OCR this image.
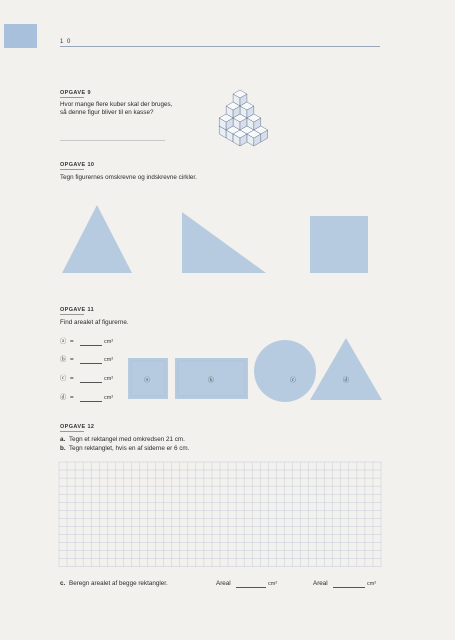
1 0
OPGAVE 9
Hvor mange flere kuber skal der bruges,
så denne figur bliver til en kasse?
OPGAVE 10
Tegn figurernes omskrevne og indskrevne cirkler.
OPGAVE 11
Find arealet af figurerne.
ⓐ =	cm²
ⓑ =	cm²
ⓒ =	cm²
ⓓ =	cm²
ⓐ	ⓑ	ⓒ	ⓓ
OPGAVE 12
a. Tegn et rektangel med omkredsen 21 cm.
b. Tegn rektanglet, hvis en af siderne er 6 cm.
c. Beregn arealet af begge rektangler.	Areal	cm²	Areal	cm²
